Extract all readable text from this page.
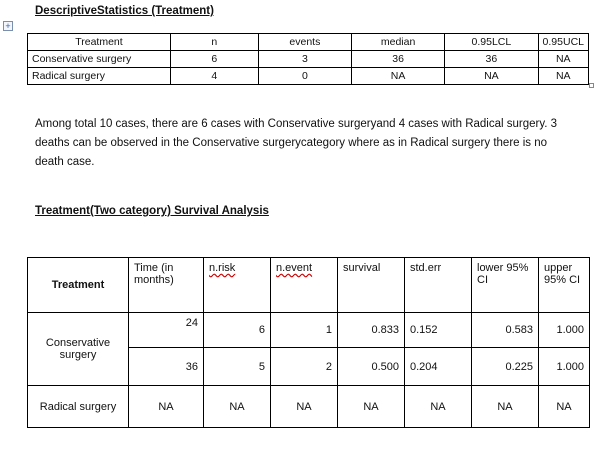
+
DescriptiveStatistics (Treatment)
Treatment	n	events	median	0.95LCL	0.95UCL
Conservative surgery	6	3	36	36	NA
Radical surgery	4	0	NA	NA	NA
Among total 10 cases, there are 6 cases with Conservative surgeryand 4 cases with Radical surgery. 3 deaths can be observed in the Conservative surgerycategory where as in Radical surgery there is no death case.
Treatment(Two category) Survival Analysis
Treatment	Time (in months)	n.risk	n.event	survival	std.err	lower 95% CI	upper 95% CI
Conservative surgery	24	6	1	0.833	0.152	0.583	1.000
	36	5	2	0.500	0.204	0.225	1.000
Radical surgery	NA	NA	NA	NA	NA	NA	NA
